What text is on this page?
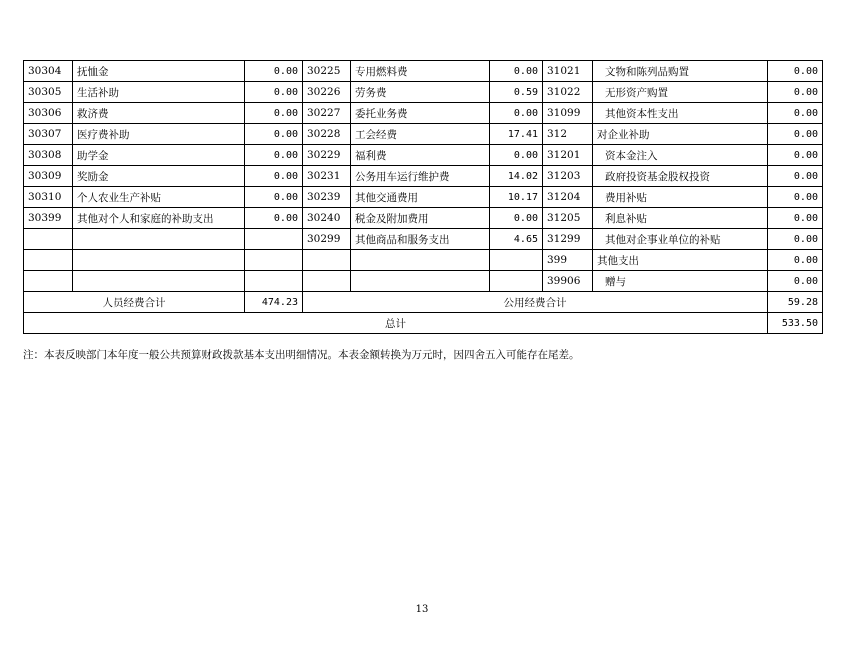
30304	抚恤金	0.00	30225	专用燃料费	0.00	31021	文物和陈列品购置	0.00
30305	生活补助	0.00	30226	劳务费	0.59	31022	无形资产购置	0.00
30306	救济费	0.00	30227	委托业务费	0.00	31099	其他资本性支出	0.00
30307	医疗费补助	0.00	30228	工会经费	17.41	312	对企业补助	0.00
30308	助学金	0.00	30229	福利费	0.00	31201	资本金注入	0.00
30309	奖励金	0.00	30231	公务用车运行维护费	14.02	31203	政府投资基金股权投资	0.00
30310	个人农业生产补贴	0.00	30239	其他交通费用	10.17	31204	费用补贴	0.00
30399	其他对个人和家庭的补助支出	0.00	30240	税金及附加费用	0.00	31205	利息补贴	0.00
			30299	其他商品和服务支出	4.65	31299	其他对企事业单位的补贴	0.00
						399	其他支出	0.00
						39906	赠与	0.00
人员经费合计		474.23	公用经费合计					59.28
总计								533.50
注：本表反映部门本年度一般公共预算财政拨款基本支出明细情况。本表金额转换为万元时，因四舍五入可能存在尾差。
13
